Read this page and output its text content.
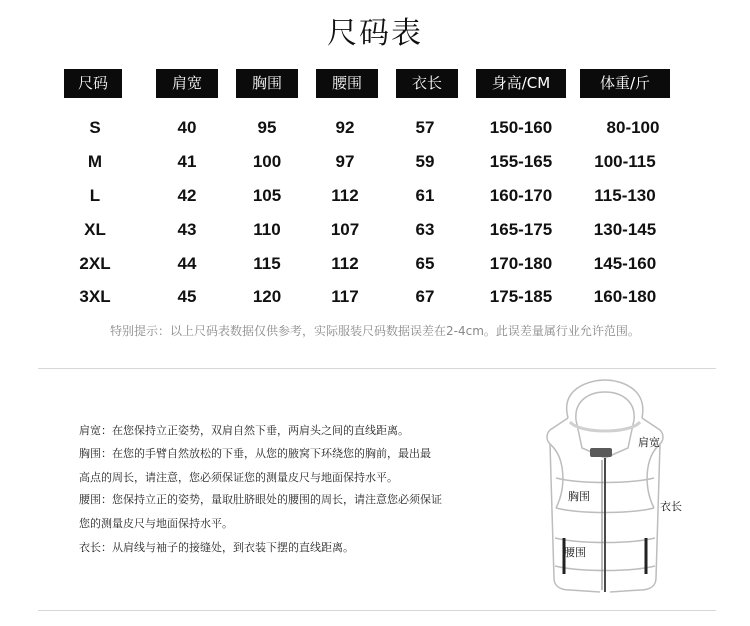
尺码表
尺码	肩宽	胸围	腰围	衣长	身高/CM	体重/斤
S	40	95	92	57	150-160	80-100
M	41	100	97	59	155-165	100-115
L	42	105	112	61	160-170	115-130
XL	43	110	107	63	165-175	130-145
2XL	44	115	112	65	170-180	145-160
3XL	45	120	117	67	175-185	160-180
特别提示：以上尺码表数据仅供参考，实际服装尺码数据误差在2-4cm。此误差量属行业允许范围。
肩宽：在您保持立正姿势，双肩自然下垂，两肩头之间的直线距离。
胸围：在您的手臂自然放松的下垂，从您的腋窝下环绕您的胸前，最出最
高点的周长，请注意，您必须保证您的测量皮尺与地面保持水平。
腰围：您保持立正的姿势，量取肚脐眼处的腰围的周长，请注意您必须保证
您的测量皮尺与地面保持水平。
衣长：从肩线与袖子的接缝处，到衣装下摆的直线距离。
肩宽
胸围
衣长
腰围
